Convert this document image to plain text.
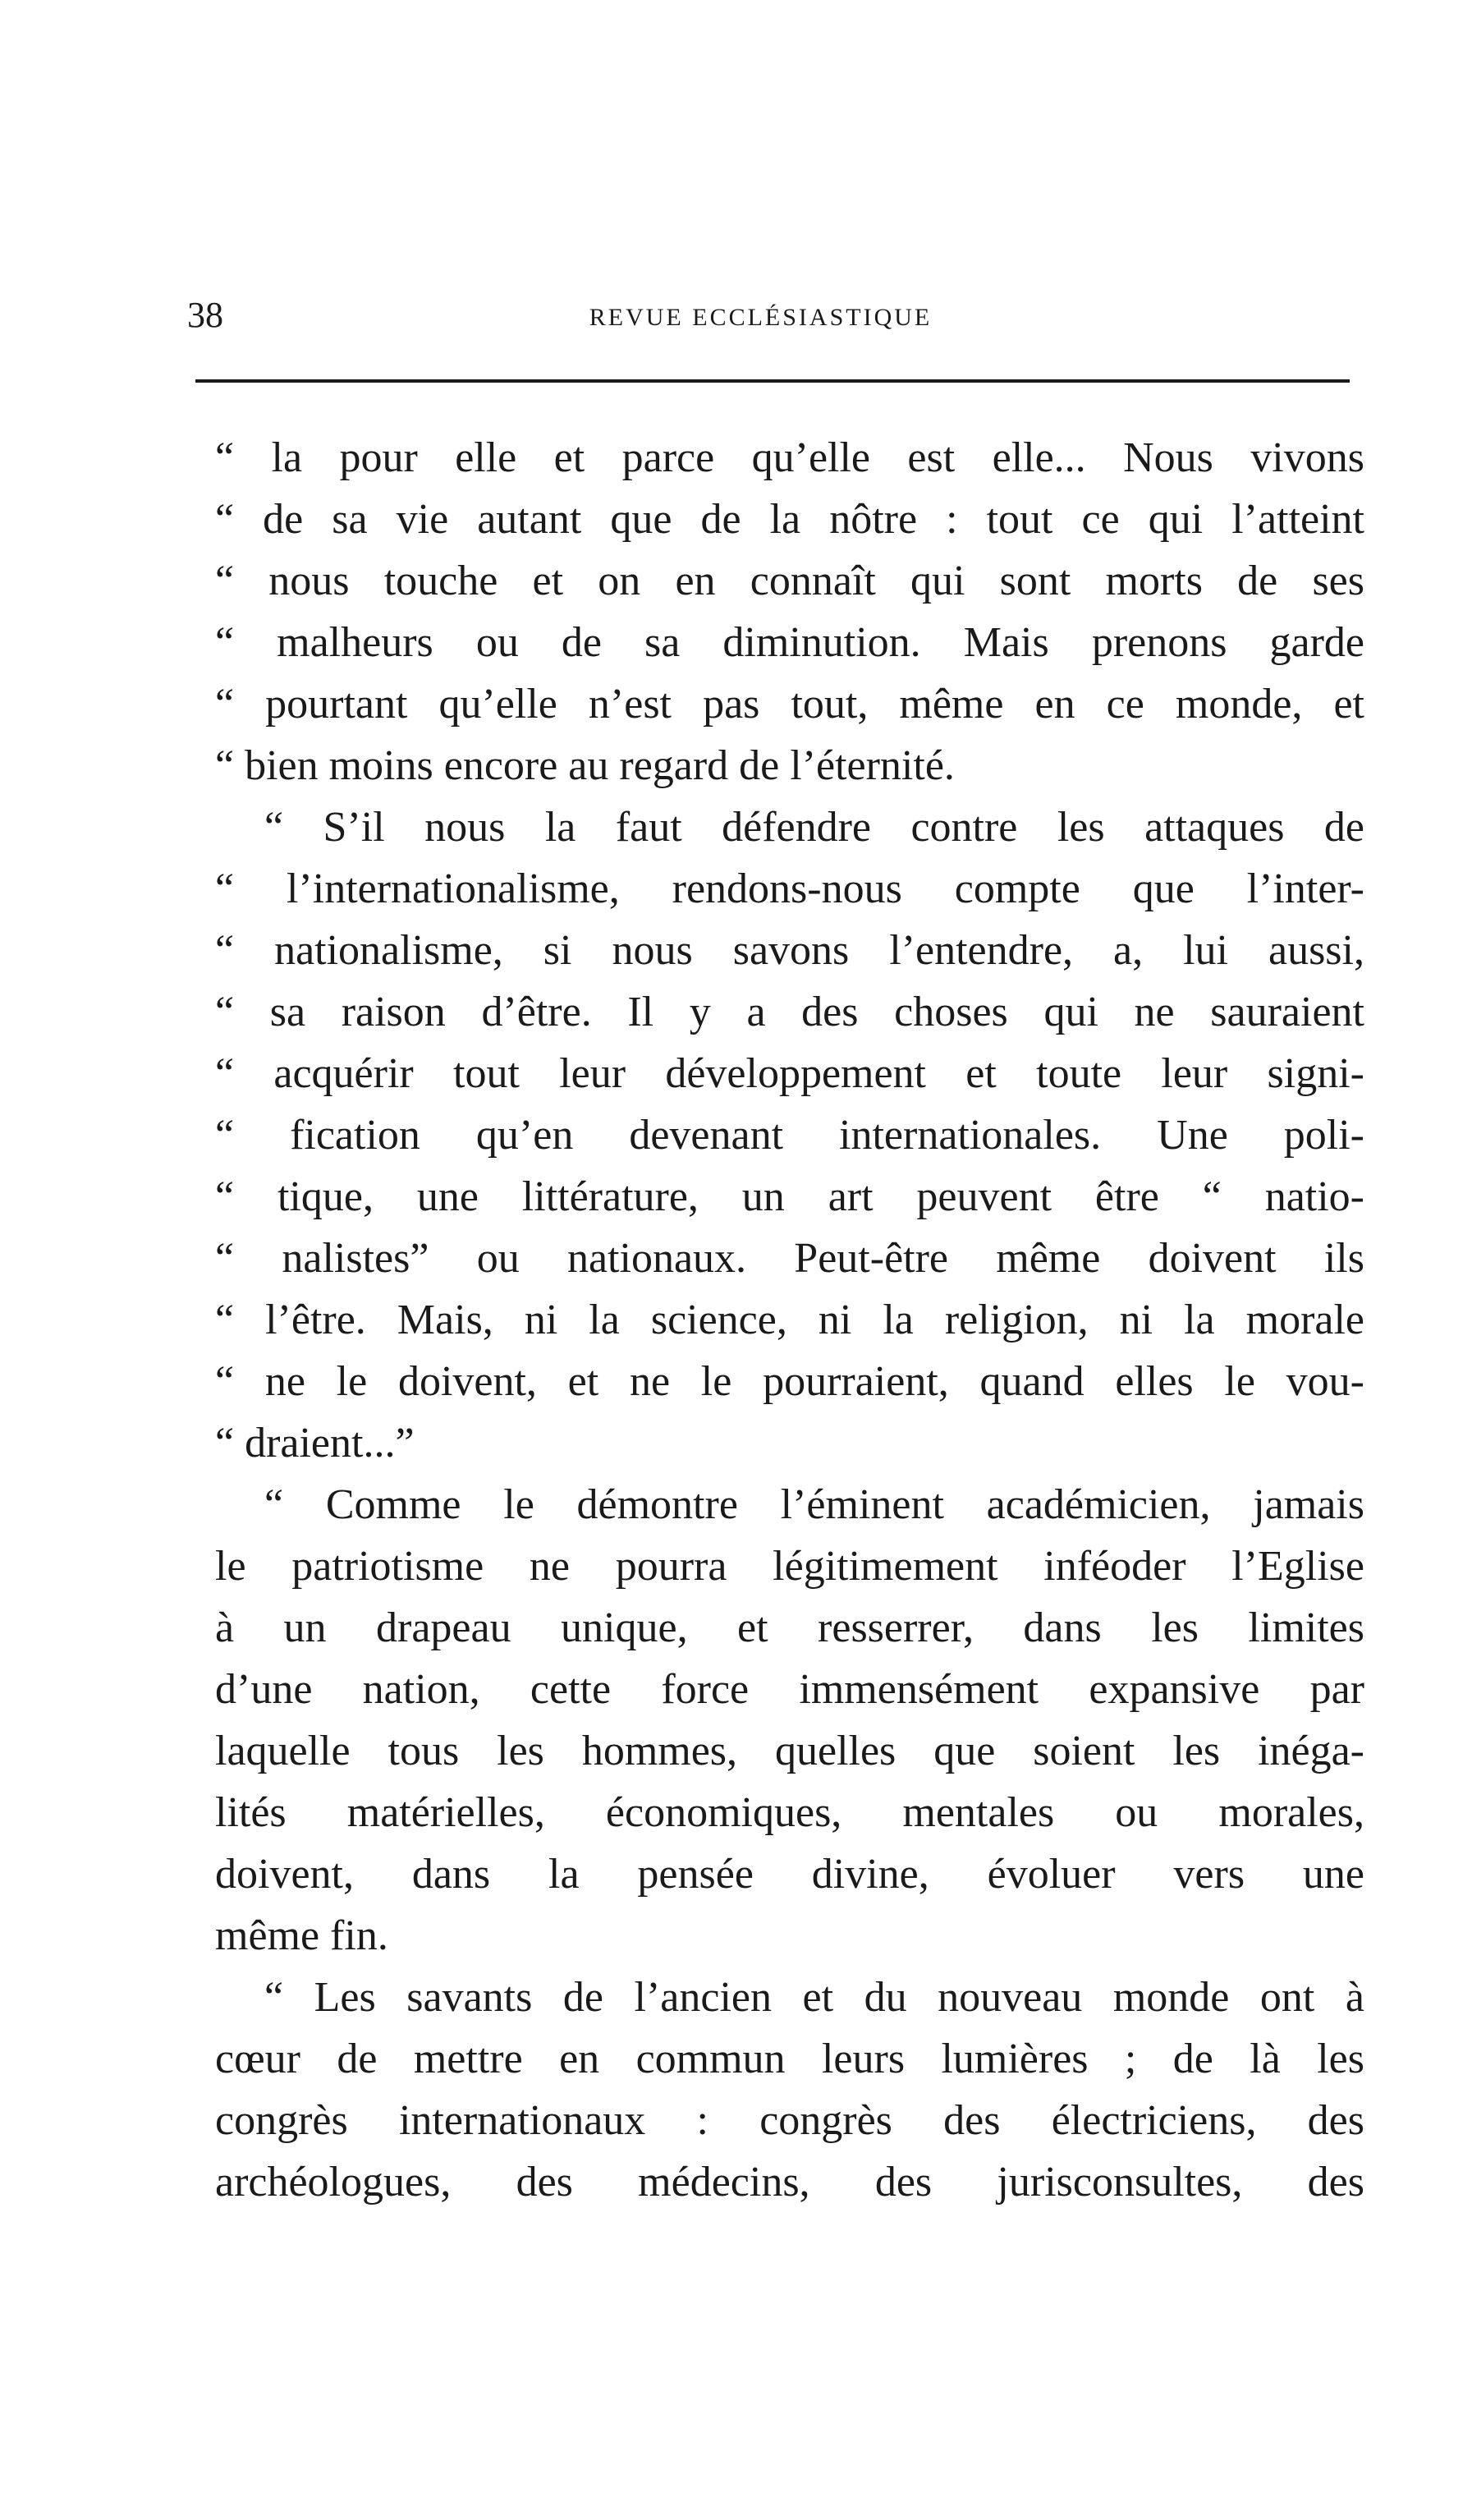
38	REVUE ECCLÉSIASTIQUE
“ la pour elle et parce qu’elle est elle... Nous vivons
“ de sa vie autant que de la nôtre : tout ce qui l’atteint
“ nous touche et on en connaît qui sont morts de ses
“ malheurs ou de sa diminution. Mais prenons garde
“ pourtant qu’elle n’est pas tout, même en ce monde, et
“ bien moins encore au regard de l’éternité.
“ S’il nous la faut défendre contre les attaques de
“ l’internationalisme, rendons-nous compte que l’inter-
“ nationalisme, si nous savons l’entendre, a, lui aussi,
“ sa raison d’être. Il y a des choses qui ne sauraient
“ acquérir tout leur développement et toute leur signi-
“ fication qu’en devenant internationales. Une poli-
“ tique, une littérature, un art peuvent être “ natio-
“ nalistes” ou nationaux. Peut-être même doivent ils
“ l’être. Mais, ni la science, ni la religion, ni la morale
“ ne le doivent, et ne le pourraient, quand elles le vou-
“ draient...”
“ Comme le démontre l’éminent académicien, jamais
le patriotisme ne pourra légitimement inféoder l’Eglise
à un drapeau unique, et resserrer, dans les limites
d’une nation, cette force immensément expansive par
laquelle tous les hommes, quelles que soient les inéga-
lités matérielles, économiques, mentales ou morales,
doivent, dans la pensée divine, évoluer vers une
même fin.
“ Les savants de l’ancien et du nouveau monde ont à
cœur de mettre en commun leurs lumières ; de là les
congrès internationaux : congrès des électriciens, des
archéologues, des médecins, des jurisconsultes, des
